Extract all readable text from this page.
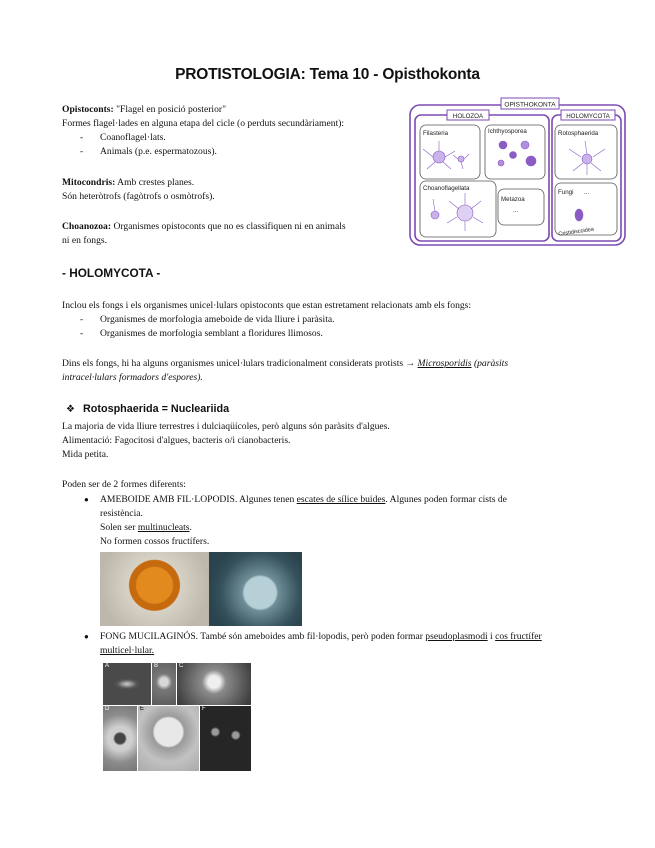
PROTISTOLOGIA: Tema 10 - Opisthokonta
Opistoconts: "Flagel en posició posterior"
Formes flagel·lades en alguna etapa del cicle (o perduts secundàriament):
- Coanoflagel·lats.
- Animals (p.e. espermatozous).
Mitocondris: Amb crestes planes.
Són heteròtrofs (fagòtrofs o osmòtrofs).
Choanozoa: Organismes opistoconts que no es classifiquen ni en animals
ni en fongs.
OPISTHOKONTA
HOLOZOA	HOLOMYCOTA
Filasteria	Ichthyosporea
Choanoflagellata
Metazoa
...
Rotosphaerida
Fungi ...
Cristidiscoidea
- HOLOMYCOTA -
Inclou els fongs i els organismes unicel·lulars opistoconts que estan estretament relacionats amb els fongs:
- Organismes de morfologia ameboide de vida lliure i paràsita.
- Organismes de morfologia semblant a floridures llimosos.
Dins els fongs, hi ha alguns organismes unicel·lulars tradicionalment considerats protists → Microsporidis (paràsits
intracel·lulars formadors d'espores).
❖ Rotosphaerida = Nucleariida
La majoria de vida lliure terrestres i dulciaqüícoles, però alguns són paràsits d'algues.
Alimentació: Fagocitosi d'algues, bacteris o/i cianobacteris.
Mida petita.
Poden ser de 2 formes diferents:
● AMEBOIDE AMB FIL·LOPODIS. Algunes tenen escates de sílice buides. Algunes poden formar cists de
resistència.
Solen ser multinucleats.
No formen cossos fructífers.
● FONG MUCILAGINÓS. També són ameboides amb fil·lopodis, però poden formar pseudoplasmodi i cos fructífer
multicel·lular.
A	B	C
D	E	F
